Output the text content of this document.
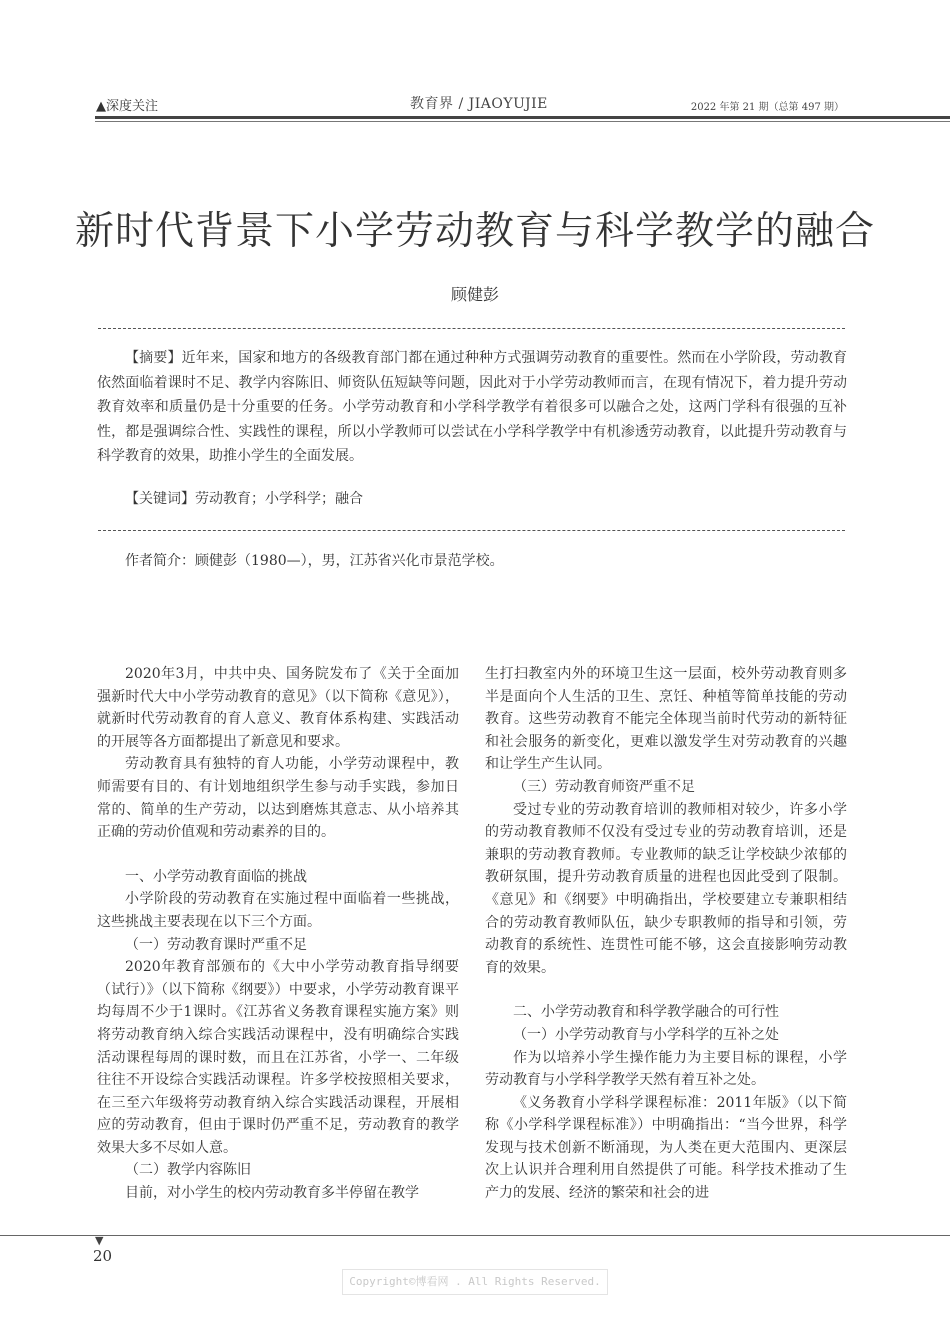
▲深度关注	教育界 / JIAOYUJIE	2022 年第 21 期（总第 497 期）
新时代背景下小学劳动教育与科学教学的融合
顾健彭

【摘要】近年来，国家和地方的各级教育部门都在通过种种方式强调劳动教育的重要性。然而在小学阶段，劳动教育依然面临着课时不足、教学内容陈旧、师资队伍短缺等问题，因此对于小学劳动教师而言，在现有情况下，着力提升劳动教育效率和质量仍是十分重要的任务。小学劳动教育和小学科学教学有着很多可以融合之处，这两门学科有很强的互补性，都是强调综合性、实践性的课程，所以小学教师可以尝试在小学科学教学中有机渗透劳动教育，以此提升劳动教育与科学教育的效果，助推小学生的全面发展。

【关键词】劳动教育；小学科学；融合
作者简介：顾健彭（1980—），男，江苏省兴化市景范学校。

2020年3月，中共中央、国务院发布了《关于全面加强新时代大中小学劳动教育的意见》（以下简称《意见》），就新时代劳动教育的育人意义、教育体系构建、实践活动的开展等各方面都提出了新意见和要求。

劳动教育具有独特的育人功能，小学劳动课程中，教师需要有目的、有计划地组织学生参与动手实践，参加日常的、简单的生产劳动，以达到磨炼其意志、从小培养其正确的劳动价值观和劳动素养的目的。

一、小学劳动教育面临的挑战

小学阶段的劳动教育在实施过程中面临着一些挑战，这些挑战主要表现在以下三个方面。

（一）劳动教育课时严重不足

2020年教育部颁布的《大中小学劳动教育指导纲要（试行）》（以下简称《纲要》）中要求，小学劳动教育课平均每周不少于1课时。《江苏省义务教育课程实施方案》则将劳动教育纳入综合实践活动课程中，没有明确综合实践活动课程每周的课时数，而且在江苏省，小学一、二年级往往不开设综合实践活动课程。许多学校按照相关要求，在三至六年级将劳动教育纳入综合实践活动课程，开展相应的劳动教育，但由于课时仍严重不足，劳动教育的教学效果大多不尽如人意。

（二）教学内容陈旧

目前，对小学生的校内劳动教育多半停留在教学

生打扫教室内外的环境卫生这一层面，校外劳动教育则多半是面向个人生活的卫生、烹饪、种植等简单技能的劳动教育。这些劳动教育不能完全体现当前时代劳动的新特征和社会服务的新变化，更难以激发学生对劳动教育的兴趣和让学生产生认同。

（三）劳动教育师资严重不足

受过专业的劳动教育培训的教师相对较少，许多小学的劳动教育教师不仅没有受过专业的劳动教育培训，还是兼职的劳动教育教师。专业教师的缺乏让学校缺少浓郁的教研氛围，提升劳动教育质量的进程也因此受到了限制。《意见》和《纲要》中明确指出，学校要建立专兼职相结合的劳动教育教师队伍，缺少专职教师的指导和引领，劳动教育的系统性、连贯性可能不够，这会直接影响劳动教育的效果。

二、小学劳动教育和科学教学融合的可行性

（一）小学劳动教育与小学科学的互补之处

作为以培养小学生操作能力为主要目标的课程，小学劳动教育与小学科学教学天然有着互补之处。

《义务教育小学科学课程标准：2011年版》（以下简称《小学科学课程标准》）中明确指出：“当今世界，科学发现与技术创新不断涌现，为人类在更大范围内、更深层次上认识并合理利用自然提供了可能。科学技术推动了生产力的发展、经济的繁荣和社会的进

▼
20
Copyright©博看网 . All Rights Reserved.
